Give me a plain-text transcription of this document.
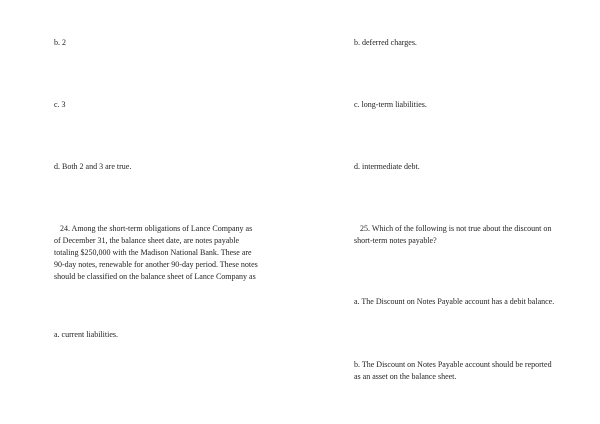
b. 2
c. 3
d. Both 2 and 3 are true.
24. Among the short-term obligations of Lance Company as
of December 31, the balance sheet date, are notes payable
totaling $250,000 with the Madison National Bank. These are
90-day notes, renewable for another 90-day period. These notes
should be classified on the balance sheet of Lance Company as
a. current liabilities.
b. deferred charges.
c. long-term liabilities.
d. intermediate debt.
25. Which of the following is not true about the discount on
short-term notes payable?
a. The Discount on Notes Payable account has a debit balance.
b. The Discount on Notes Payable account should be reported
as an asset on the balance sheet.
